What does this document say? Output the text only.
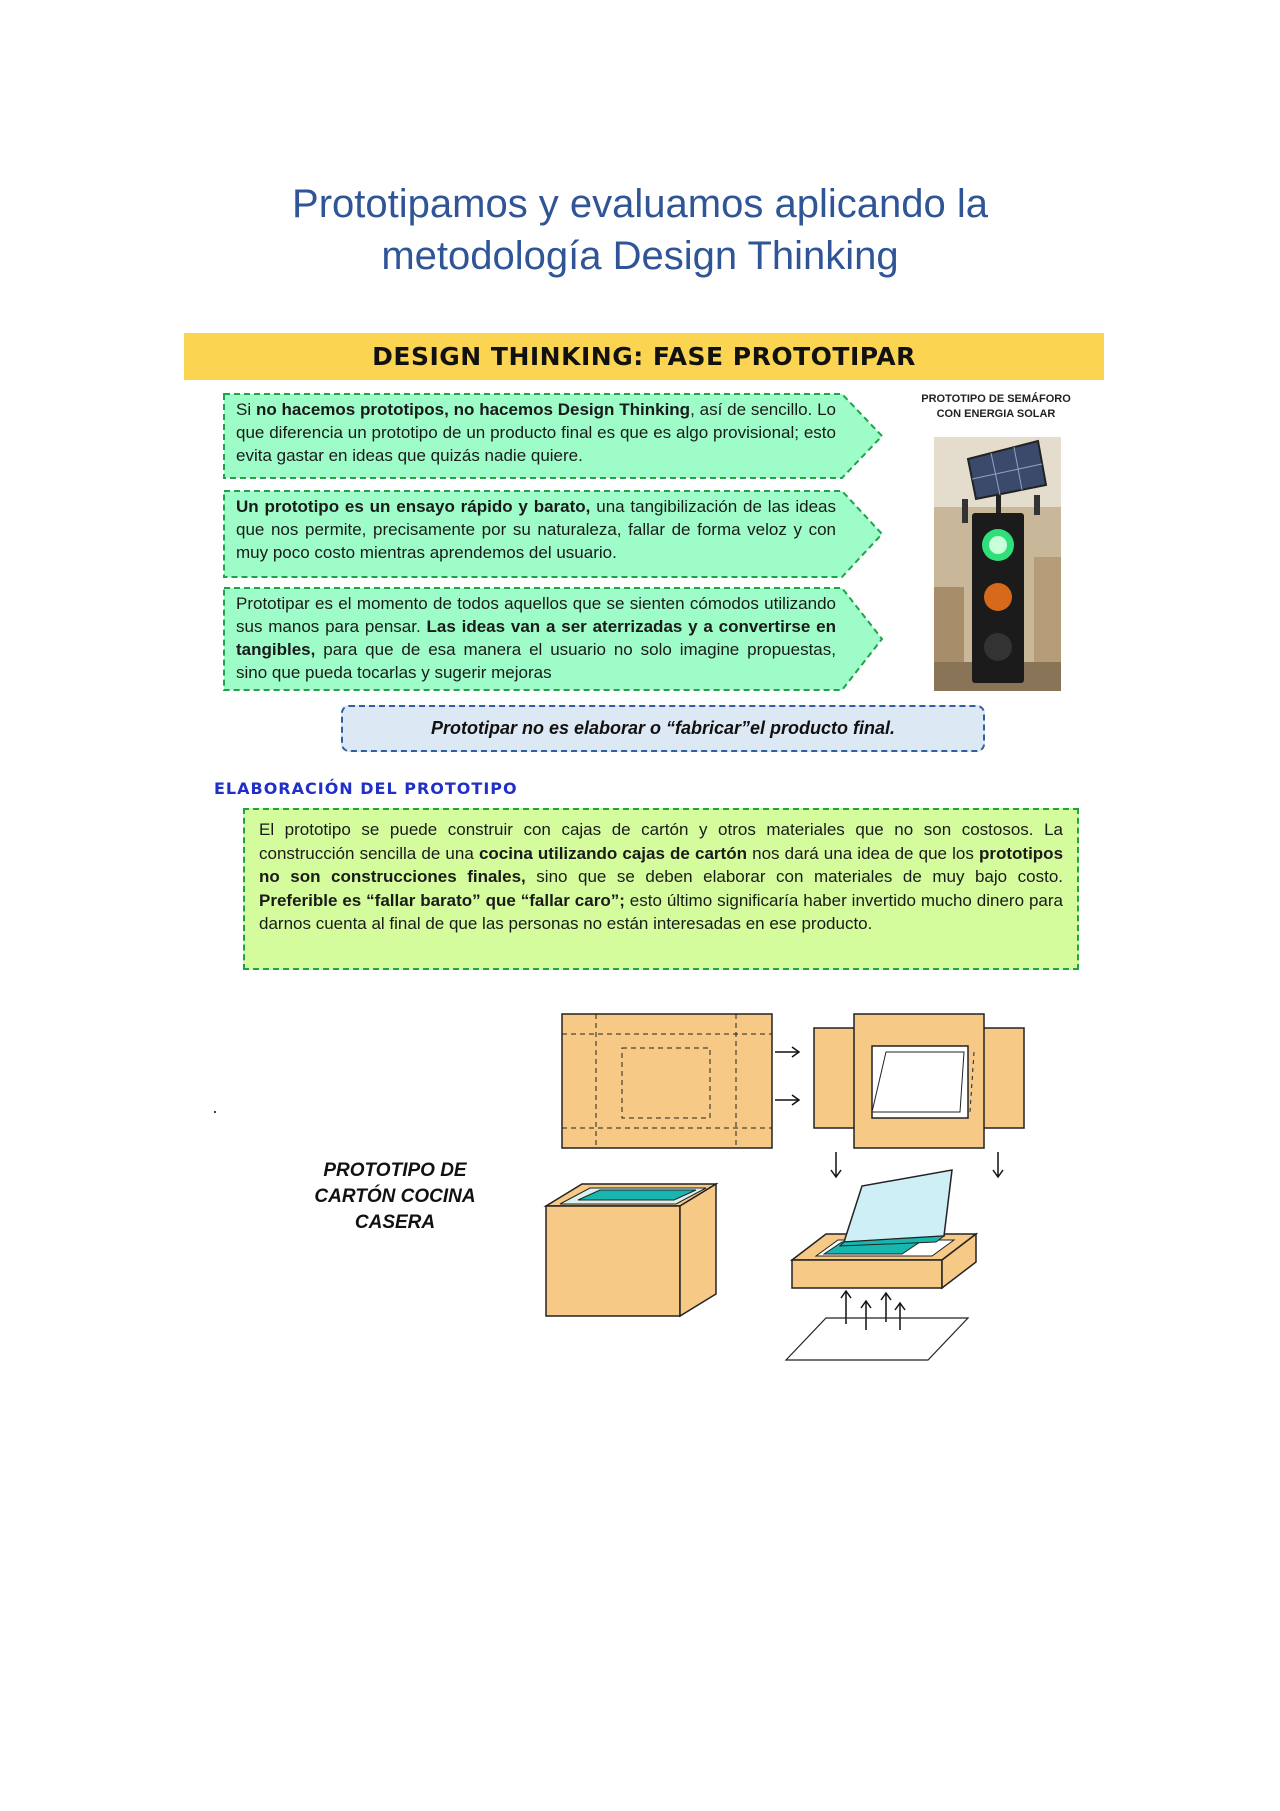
Prototipamos y evaluamos aplicando la
metodología Design Thinking
DESIGN THINKING: FASE PROTOTIPAR
Si no hacemos prototipos, no hacemos Design Thinking, así de sencillo. Lo que diferencia un prototipo de un producto final es que es algo provisional; esto evita gastar en ideas que quizás nadie quiere.
Un prototipo es un ensayo rápido y barato, una tangibilización de las ideas que nos permite, precisamente por su naturaleza, fallar de forma veloz y con muy poco costo mientras aprendemos del usuario.
Prototipar es el momento de todos aquellos que se sienten cómodos utilizando sus manos para pensar. Las ideas van a ser aterrizadas y a convertirse en tangibles, para que de esa manera el usuario no solo imagine propuestas, sino que pueda tocarlas y sugerir mejoras
PROTOTIPO DE SEMÁFORO
CON ENERGIA SOLAR
Prototipar no es elaborar o “fabricar”el producto final.
ELABORACIÓN DEL PROTOTIPO
El prototipo se puede construir con cajas de cartón y otros materiales que no son costosos. La construcción sencilla de una cocina utilizando cajas de cartón nos dará una idea de que los prototipos no son construcciones finales, sino que se deben elaborar con materiales de muy bajo costo. Preferible es “fallar barato” que “fallar caro”; esto último significaría haber invertido mucho dinero para darnos cuenta al final de que las personas no están interesadas en ese producto.
PROTOTIPO DE
CARTÓN COCINA
CASERA
